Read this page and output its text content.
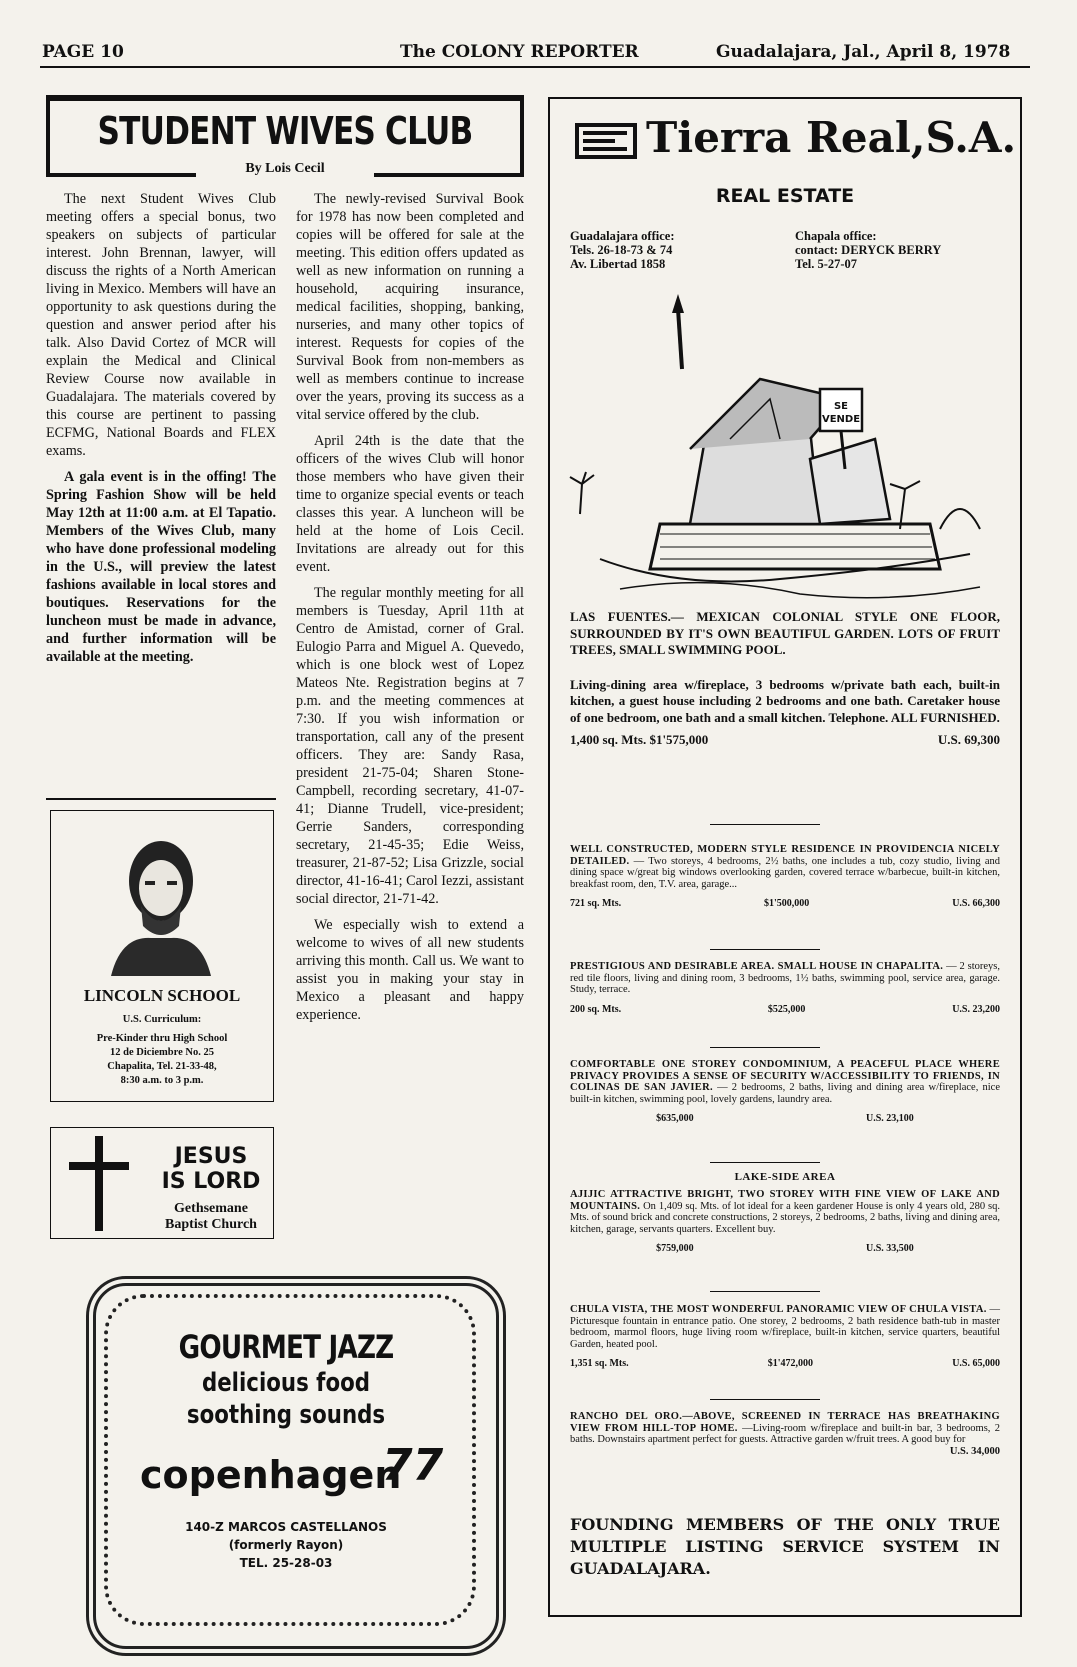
PAGE 10	The COLONY REPORTER	Guadalajara, Jal., April 8, 1978
STUDENT WIVES CLUB
By Lois Cecil

The next Student Wives Club meeting offers a special bonus, two speakers on subjects of particular interest. John Brennan, lawyer, will discuss the rights of a North American living in Mexico. Members will have an opportunity to ask questions during the question and answer period after his talk. Also David Cortez of MCR will explain the Medical and Clinical Review Course now available in Guadalajara. The materials covered by this course are pertinent to passing ECFMG, National Boards and FLEX exams.

A gala event is in the offing! The Spring Fashion Show will be held May 12th at 11:00 a.m. at El Tapatio. Members of the Wives Club, many who have done professional modeling in the U.S., will preview the latest fashions available in local stores and boutiques. Reservations for the luncheon must be made in advance, and further information will be available at the meeting.

The newly-revised Survival Book for 1978 has now been completed and copies will be offered for sale at the meeting. This edition offers updated as well as new information on running a household, acquiring insurance, medical facilities, shopping, banking, nurseries, and many other topics of interest. Requests for copies of the Survival Book from non-members as well as members continue to increase over the years, proving its success as a vital service offered by the club.

April 24th is the date that the officers of the wives Club will honor those members who have given their time to organize special events or teach classes this year. A luncheon will be held at the home of Lois Cecil. Invitations are already out for this event.

The regular monthly meeting for all members is Tuesday, April 11th at Centro de Amistad, corner of Gral. Eulogio Parra and Miguel A. Quevedo, which is one block west of Lopez Mateos Nte. Registration begins at 7 p.m. and the meeting commences at 7:30. If you wish information or transportation, call any of the present officers. They are: Sandy Rasa, president 21-75-04; Sharen Stone-Campbell, recording secretary, 41-07-41; Dianne Trudell, vice-president; Gerrie Sanders, corresponding secretary, 21-45-35; Edie Weiss, treasurer, 21-87-52; Lisa Grizzle, social director, 41-16-41; Carol Iezzi, assistant social director, 21-71-42.

We especially wish to extend a welcome to wives of all new students arriving this month. Call us. We want to assist you in making your stay in Mexico a pleasant and happy experience.

LINCOLN SCHOOL
U.S. Curriculum:
Pre-Kinder thru High School
12 de Diciembre No. 25
Chapalita, Tel. 21-33-48,
8:30 a.m. to 3 p.m.
JESUS
IS LORD
Gethsemane
Baptist Church
GOURMET JAZZ
delicious food
soothing sounds
copenhagen
77
140-Z MARCOS CASTELLANOS
(formerly Rayon)
TEL. 25-28-03
Tierra Real,S.A.
REAL ESTATE
Guadalajara office:
Tels. 26-18-73 & 74
Av. Libertad 1858
Chapala office:
contact: DERYCK BERRY
Tel. 5-27-07
SE VENDE
LAS FUENTES.— MEXICAN COLONIAL STYLE ONE FLOOR, SURROUNDED BY IT'S OWN BEAUTIFUL GARDEN. LOTS OF FRUIT TREES, SMALL SWIMMING POOL.
Living-dining area w/fireplace, 3 bedrooms w/private bath each, built-in kitchen, a guest house including 2 bedrooms and one bath. Caretaker house of one bedroom, one bath and a small kitchen. Telephone. ALL FURNISHED.
1,400 sq. Mts. $1'575,000	U.S. 69,300
WELL CONSTRUCTED, MODERN STYLE RESIDENCE IN PROVIDENCIA NICELY DETAILED. — Two storeys, 4 bedrooms, 2½ baths, one includes a tub, cozy studio, living and dining space w/great big windows overlooking garden, covered terrace w/barbecue, built-in kitchen, breakfast room, den, T.V. area, garage...
721 sq. Mts.	$1'500,000	U.S. 66,300
PRESTIGIOUS AND DESIRABLE AREA. SMALL HOUSE IN CHAPALITA. — 2 storeys, red tile floors, living and dining room, 3 bedrooms, 1½ baths, swimming pool, service area, garage. Study, terrace.
200 sq. Mts.	$525,000	U.S. 23,200
COMFORTABLE ONE STOREY CONDOMINIUM, A PEACEFUL PLACE WHERE PRIVACY PROVIDES A SENSE OF SECURITY W/ACCESSIBILITY TO FRIENDS, IN COLINAS DE SAN JAVIER. — 2 bedrooms, 2 baths, living and dining area w/fireplace, nice built-in kitchen, swimming pool, lovely gardens, laundry area.
$635,000	U.S. 23,100
LAKE-SIDE AREA
AJIJIC ATTRACTIVE BRIGHT, TWO STOREY WITH FINE VIEW OF LAKE AND MOUNTAINS. On 1,409 sq. Mts. of lot ideal for a keen gardener House is only 4 years old, 280 sq. Mts. of sound brick and concrete constructions, 2 storeys, 2 bedrooms, 2 baths, living and dining area, kitchen, garage, servants quarters. Excellent buy.
$759,000	U.S. 33,500
CHULA VISTA, THE MOST WONDERFUL PANORAMIC VIEW OF CHULA VISTA. — Picturesque fountain in entrance patio. One storey, 2 bedrooms, 2 bath residence bath-tub in master bedroom, marmol floors, huge living room w/fireplace, built-in kitchen, service quarters, beautiful Garden, heated pool.
1,351 sq. Mts.	$1'472,000	U.S. 65,000
RANCHO DEL ORO.—ABOVE, SCREENED IN TERRACE HAS BREATHAKING VIEW FROM HILL-TOP HOME. —Living-room w/fireplace and built-in bar, 3 bedrooms, 2 baths. Downstairs apartment perfect for guests. Attractive garden w/fruit trees. A good buy for
U.S. 34,000
FOUNDING MEMBERS OF THE ONLY TRUE MULTIPLE LISTING SERVICE SYSTEM IN GUADALAJARA.
